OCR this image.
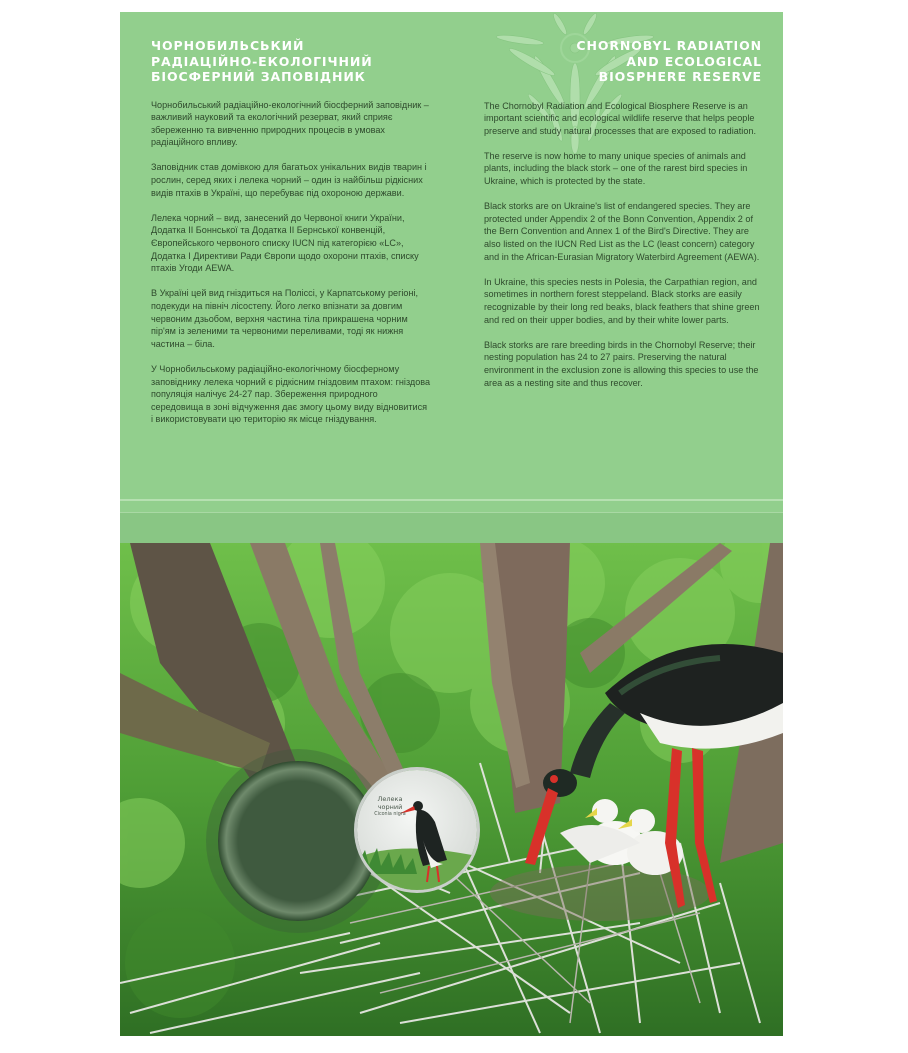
ЧОРНОБИЛЬСЬКИЙ
РАДІАЦІЙНО-ЕКОЛОГІЧНИЙ
БІОСФЕРНИЙ ЗАПОВІДНИК

Чорнобильський радіаційно-екологічний біосферний заповідник – важливий науковий та екологічний резерват, який сприяє збереженню та вивченню природних процесів в умовах радіаційного впливу.

Заповідник став домівкою для багатьох унікальних видів тварин і рослин, серед яких і лелека чорний – один із найбільш рідкісних видів птахів в Україні, що перебуває під охороною держави.

Лелека чорний – вид, занесений до Червоної книги України, Додатка II Боннської та Додатка II Бернської конвенцій, Європейського червоного списку IUCN під категорією «LC», Додатка I Директиви Ради Європи щодо охорони птахів, списку птахів Угоди AEWA.

В Україні цей вид гніздиться на Поліссі, у Карпатському регіоні, подекуди на північ лісостепу. Його легко впізнати за довгим червоним дзьобом, верхня частина тіла прикрашена чорним пір'ям із зеленими та червоними переливами, тоді як нижня частина – біла.

У Чорнобильському радіаційно-екологічному біосферному заповіднику лелека чорний є рідкісним гніздовим птахом: гніздова популяція налічує 24-27 пар. Збереження природного середовища в зоні відчуження дає змогу цьому виду відновитися і використовувати цю територію як місце гніздування.

CHORNOBYL RADIATION
AND ECOLOGICAL
BIOSPHERE RESERVE

The Chornobyl Radiation and Ecological Biosphere Reserve is an important scientific and ecological wildlife reserve that helps people preserve and study natural processes that are exposed to radiation.

The reserve is now home to many unique species of animals and plants, including the black stork – one of the rarest bird species in Ukraine, which is protected by the state.

Black storks are on Ukraine's list of endangered species. They are protected under Appendix 2 of the Bonn Convention, Appendix 2 of the Bern Convention and Annex 1 of the Bird's Directive. They are also listed on the IUCN Red List as the LC (least concern) category and in the African-Eurasian Migratory Waterbird Agreement (AEWA).

In Ukraine, this species nests in Polesia, the Carpathian region, and sometimes in northern forest steppeland. Black storks are easily recognizable by their long red beaks, black feathers that shine green and red on their upper bodies, and by their white lower parts.

Black storks are rare breeding birds in the Chornobyl Reserve; their nesting population has 24 to 27 pairs. Preserving the natural environment in the exclusion zone is allowing this species to use the area as a nesting site and thus recover.

Лелека
чорний
Ciconia nigra
